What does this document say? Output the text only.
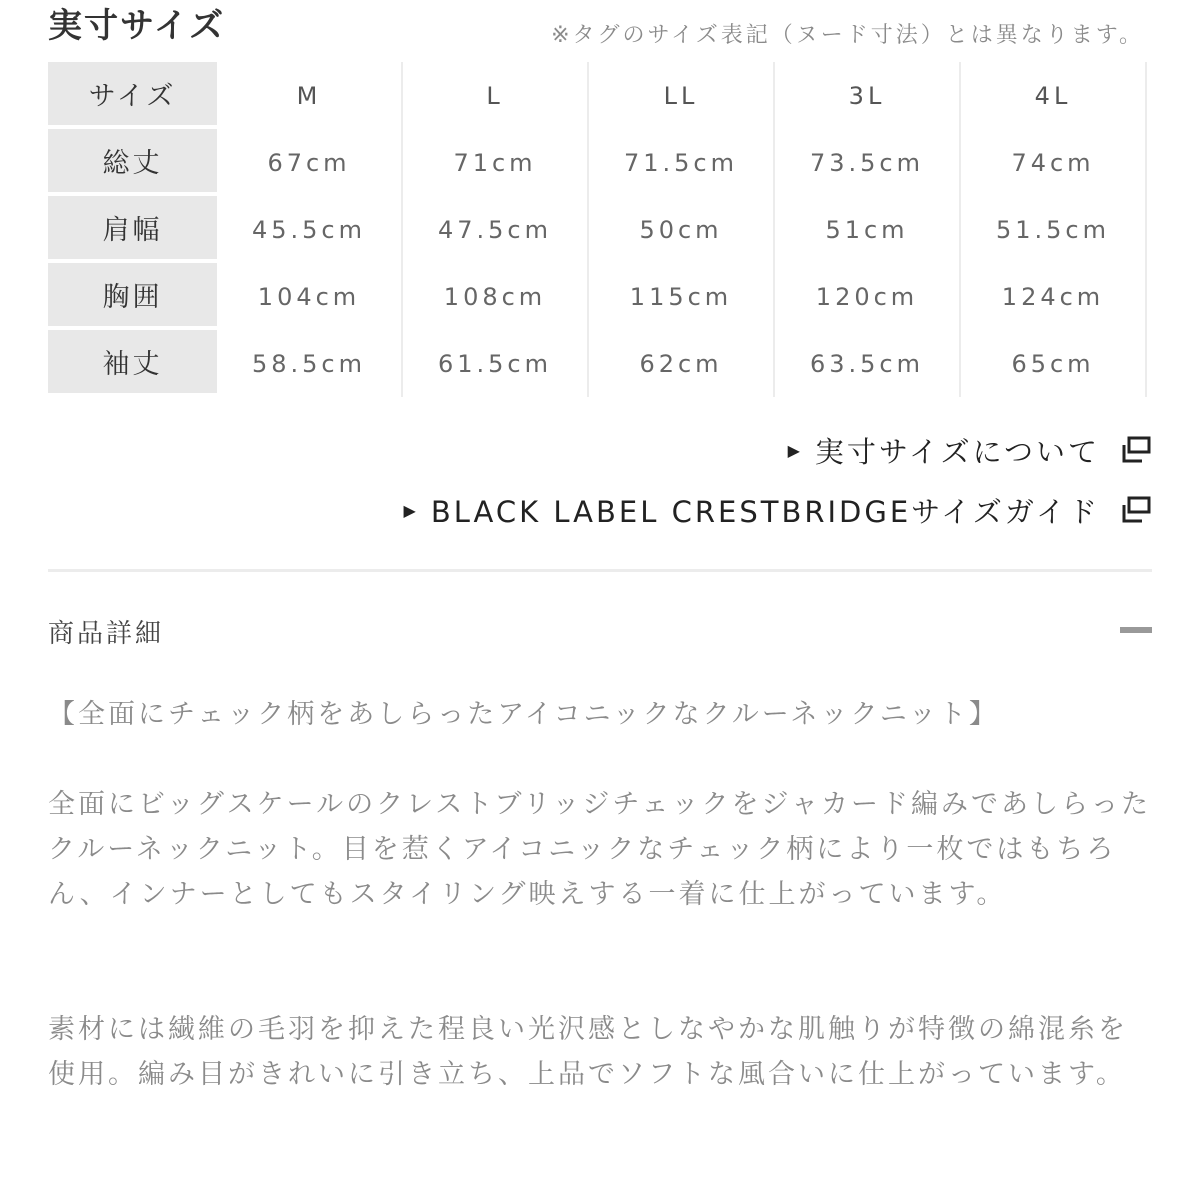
実寸サイズ	※タグのサイズ表記（ヌード寸法）とは異なります。
サイズ	M	L	LL	3L	4L
総丈	67cm	71cm	71.5cm	73.5cm	74cm
肩幅	45.5cm	47.5cm	50cm	51cm	51.5cm
胸囲	104cm	108cm	115cm	120cm	124cm
袖丈	58.5cm	61.5cm	62cm	63.5cm	65cm
▶ 実寸サイズについて
▶ BLACK LABEL CRESTBRIDGEサイズガイド
商品詳細
【全面にチェック柄をあしらったアイコニックなクルーネックニット】
全面にビッグスケールのクレストブリッジチェックをジャカード編みであしらったクルーネックニット。目を惹くアイコニックなチェック柄により一枚ではもちろん、インナーとしてもスタイリング映えする一着に仕上がっています。
素材には繊維の毛羽を抑えた程良い光沢感としなやかな肌触りが特徴の綿混糸を使用。編み目がきれいに引き立ち、上品でソフトな風合いに仕上がっています。
